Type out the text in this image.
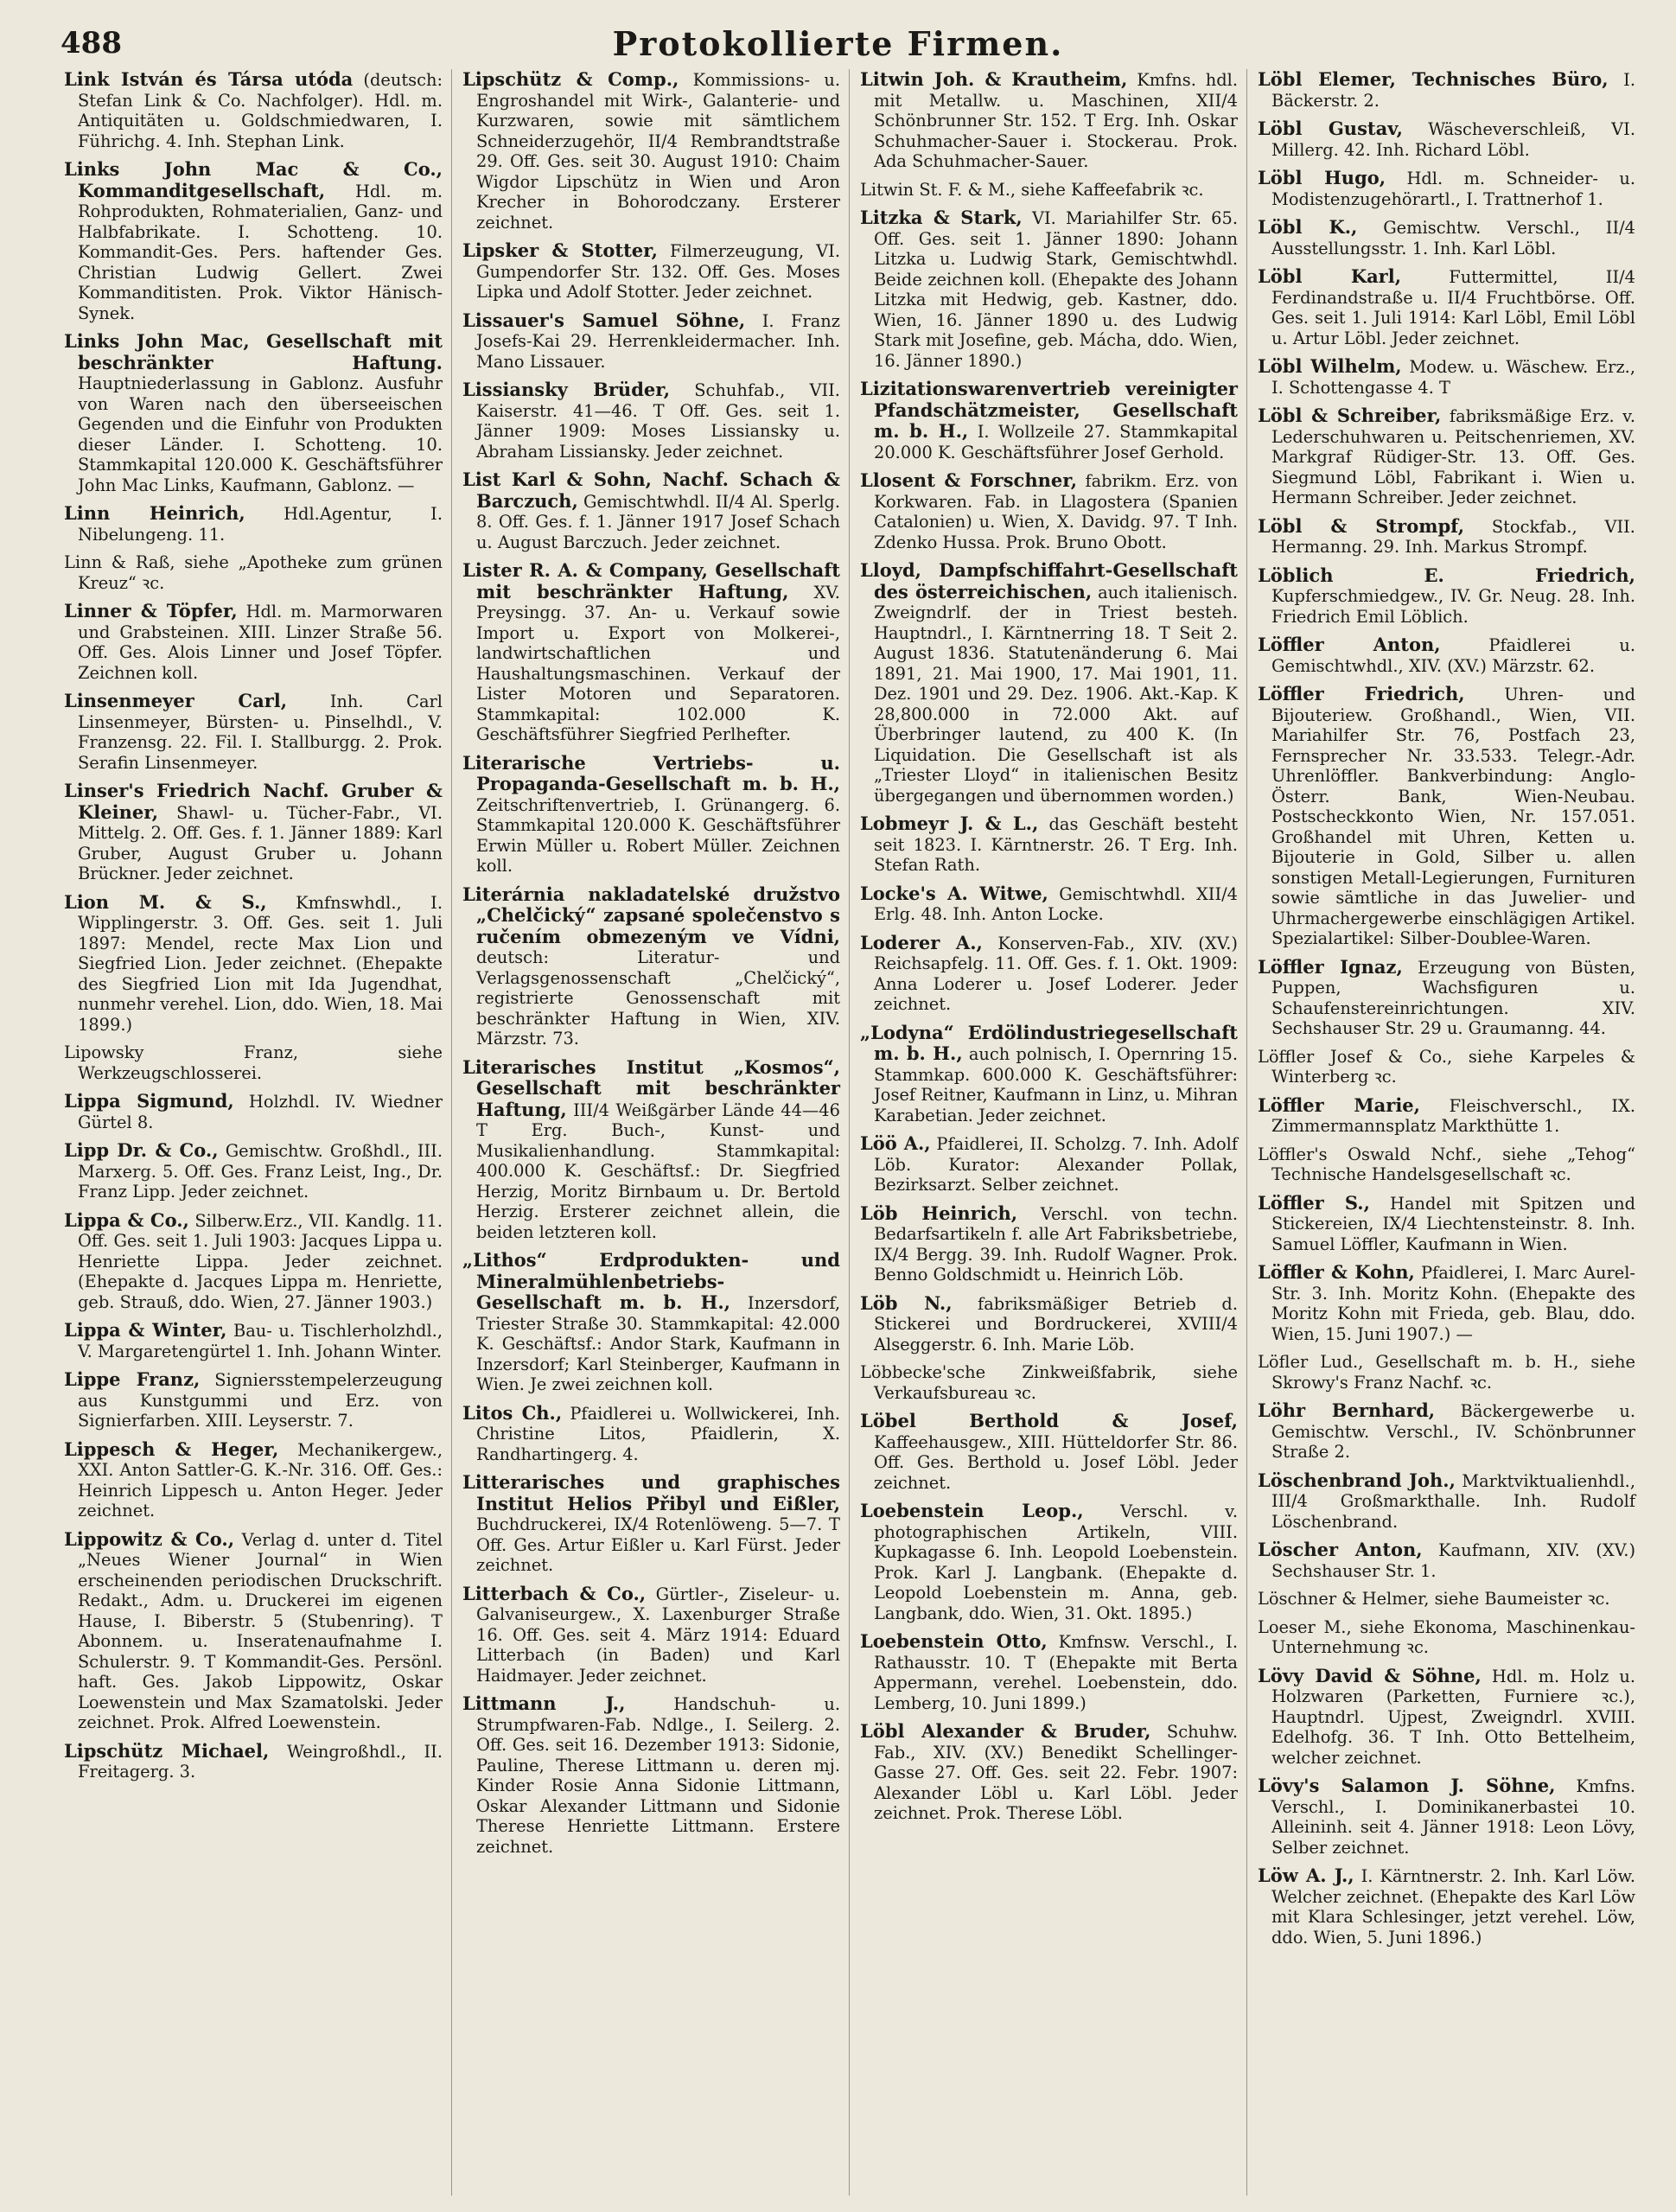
488	Protokollierte Firmen.

Link István és Társa utóda (deutsch: Stefan Link & Co. Nachfolger). Hdl. m. Antiquitäten u. Goldschmiedwaren, I. Führichg. 4. Inh. Stephan Link.

Links John Mac & Co., Kommanditgesellschaft, Hdl. m. Rohprodukten, Rohmaterialien, Ganz- und Halbfabrikate. I. Schotteng. 10. Kommandit-Ges. Pers. haftender Ges. Christian Ludwig Gellert. Zwei Kommanditisten. Prok. Viktor Hänisch-Synek.

Links John Mac, Gesellschaft mit beschränkter Haftung. Hauptniederlassung in Gablonz. Ausfuhr von Waren nach den überseeischen Gegenden und die Einfuhr von Produkten dieser Länder. I. Schotteng. 10. Stammkapital 120.000 K. Geschäftsführer John Mac Links, Kaufmann, Gablonz. —

Linn Heinrich, Hdl.Agentur, I. Nibelungeng. 11.

Linn & Raß, siehe „Apotheke zum grünen Kreuz“ ꝛc.

Linner & Töpfer, Hdl. m. Marmorwaren und Grabsteinen. XIII. Linzer Straße 56. Off. Ges. Alois Linner und Josef Töpfer. Zeichnen koll.

Linsenmeyer Carl,	Inh. Carl Linsenmeyer, Bürsten- u. Pinselhdl., V. Franzensg. 22. Fil. I. Stallburgg. 2. Prok. Serafin Linsenmeyer.

Linser's Friedrich Nachf. Gruber & Kleiner, Shawl- u. Tücher-Fabr., VI. Mittelg. 2. Off. Ges. f. 1. Jänner 1889: Karl Gruber, August Gruber u. Johann Brückner. Jeder zeichnet.

Lion M. & S., Kmfnswhdl., I. Wipplingerstr. 3. Off. Ges. seit 1. Juli 1897: Mendel, recte Max Lion und Siegfried Lion. Jeder zeichnet. (Ehepakte des Siegfried Lion mit Ida Jugendhat, nunmehr verehel. Lion, ddo. Wien, 18. Mai 1899.)

Lipowsky Franz, siehe Werkzeugschlosserei.

Lippa Sigmund, Holzhdl. IV. Wiedner Gürtel 8.

Lipp Dr. & Co., Gemischtw. Großhdl., III. Marxerg. 5. Off. Ges. Franz Leist, Ing., Dr. Franz Lipp. Jeder zeichnet.

Lippa & Co., Silberw.Erz., VII. Kandlg. 11. Off. Ges. seit 1. Juli 1903: Jacques Lippa u. Henriette Lippa. Jeder zeichnet. (Ehepakte d. Jacques Lippa m. Henriette, geb. Strauß, ddo. Wien, 27. Jänner 1903.)

Lippa & Winter, Bau- u. Tischlerholzhdl., V. Margaretengürtel 1. Inh. Johann Winter.

Lippe Franz, Signiersstempelerzeugung aus Kunstgummi und Erz. von Signierfarben. XIII. Leyserstr. 7.

Lippesch & Heger, Mechanikergew., XXI. Anton Sattler-G. K.-Nr. 316. Off. Ges.: Heinrich Lippesch u. Anton Heger. Jeder zeichnet.

Lippowitz & Co., Verlag d. unter d. Titel „Neues Wiener Journal“ in Wien erscheinenden periodischen Druckschrift. Redakt., Adm. u. Druckerei im eigenen Hause, I. Biberstr. 5 (Stubenring). T Abonnem. u. Inseratenaufnahme I. Schulerstr. 9. T Kommandit-Ges. Persönl. haft. Ges. Jakob Lippowitz, Oskar Loewenstein und Max Szamatolski. Jeder zeichnet. Prok. Alfred Loewenstein.

Lipschütz Michael, Weingroßhdl., II. Freitagerg. 3.

Lipschütz & Comp., Kommissions- u. Engroshandel mit Wirk-, Galanterie- und Kurzwaren, sowie mit sämtlichem Schneiderzugehör, II/4 Rembrandtstraße 29. Off. Ges. seit 30. August 1910: Chaim Wigdor Lipschütz in Wien und Aron Krecher in Bohorodczany. Ersterer zeichnet.

Lipsker & Stotter, Filmerzeugung, VI. Gumpendorfer Str. 132. Off. Ges. Moses Lipka und Adolf Stotter. Jeder zeichnet.

Lissauer's Samuel Söhne, I. Franz Josefs-Kai 29. Herrenkleidermacher. Inh. Mano Lissauer.

Lissiansky Brüder, Schuhfab., VII. Kaiserstr. 41—46. T Off. Ges. seit 1. Jänner 1909: Moses Lissiansky u. Abraham Lissiansky. Jeder zeichnet.

List Karl & Sohn, Nachf. Schach & Barczuch, Gemischtwhdl. II/4 Al. Sperlg. 8. Off. Ges. f. 1. Jänner 1917 Josef Schach u. August Barczuch. Jeder zeichnet.

Lister R. A. & Company, Gesellschaft mit beschränkter Haftung, XV. Preysingg. 37. An- u. Verkauf sowie Import u. Export von Molkerei-, landwirtschaftlichen und Haushaltungsmaschinen. Verkauf der Lister Motoren und Separatoren. Stammkapital: 102.000 K. Geschäftsführer Siegfried Perlhefter.

Literarische Vertriebs- u. Propaganda-Gesellschaft m. b. H., Zeitschriftenvertrieb, I. Grünangerg. 6. Stammkapital 120.000 K. Geschäftsführer Erwin Müller u. Robert Müller. Zeichnen koll.

Literárnia nakladatelské družstvo „Chelčický“ zapsané společenstvo s ručením obmezeným ve Vídni, deutsch: Literatur- und Verlagsgenossenschaft „Chelčický“, registrierte Genossenschaft mit beschränkter Haftung in Wien, XIV. Märzstr. 73.

Literarisches Institut „Kosmos“, Gesellschaft mit beschränkter Haftung, III/4 Weißgärber Lände 44—46 T Erg. Buch-, Kunst- und Musikalienhandlung. Stammkapital: 400.000 K. Geschäftsf.: Dr. Siegfried Herzig, Moritz Birnbaum u. Dr. Bertold Herzig. Ersterer zeichnet allein, die beiden letzteren koll.

„Lithos“ Erdprodukten- und Mineralmühlenbetriebs-Gesellschaft m. b. H., Inzersdorf, Triester Straße 30. Stammkapital: 42.000 K. Geschäftsf.: Andor Stark, Kaufmann in Inzersdorf; Karl Steinberger, Kaufmann in Wien. Je zwei zeichnen koll.

Litos Ch., Pfaidlerei u. Wollwickerei, Inh. Christine Litos, Pfaidlerin, X. Randhartingerg. 4.

Litterarisches und graphisches Institut Helios Přibyl und Eißler, Buchdruckerei, IX/4 Rotenlöweng. 5—7. T Off. Ges. Artur Eißler u. Karl Fürst. Jeder zeichnet.

Litterbach & Co., Gürtler-, Ziseleur- u. Galvaniseurgew., X. Laxenburger Straße 16. Off. Ges. seit 4. März 1914: Eduard Litterbach (in Baden) und Karl Haidmayer. Jeder zeichnet.

Littmann J.,	Handschuh- u. Strumpfwaren-Fab. Ndlge., I. Seilerg. 2. Off. Ges. seit 16. Dezember 1913: Sidonie, Pauline, Therese Littmann u. deren mj. Kinder Rosie Anna Sidonie Littmann, Oskar Alexander Littmann und Sidonie Therese Henriette Littmann. Erstere zeichnet.

Litwin Joh. & Krautheim, Kmfns. hdl. mit Metallw. u. Maschinen, XII/4 Schönbrunner Str. 152. T Erg. Inh. Oskar Schuhmacher-Sauer i. Stockerau. Prok. Ada Schuhmacher-Sauer.

Litwin St. F. & M., siehe Kaffeefabrik ꝛc.

Litzka & Stark, VI. Mariahilfer Str. 65. Off. Ges. seit 1. Jänner 1890: Johann Litzka u. Ludwig Stark, Gemischtwhdl. Beide zeichnen koll. (Ehepakte des Johann Litzka mit Hedwig, geb. Kastner, ddo. Wien, 16. Jänner 1890 u. des Ludwig Stark mit Josefine, geb. Mácha, ddo. Wien, 16. Jänner 1890.)

Lizitationswarenvertrieb vereinigter Pfandschätzmeister, Gesellschaft m. b. H., I. Wollzeile 27. Stammkapital 20.000 K. Geschäftsführer Josef Gerhold.

Llosent & Forschner, fabrikm. Erz. von Korkwaren. Fab. in Llagostera (Spanien Catalonien) u. Wien, X. Davidg. 97. T Inh. Zdenko Hussa. Prok. Bruno Obott.

Lloyd, Dampfschiffahrt-Gesellschaft des österreichischen, auch italienisch. Zweigndrlf. der in Triest besteh. Hauptndrl., I. Kärntnerring 18. T Seit 2. August 1836. Statutenänderung 6. Mai 1891, 21. Mai 1900, 17. Mai 1901, 11. Dez. 1901 und 29. Dez. 1906. Akt.-Kap. K 28,800.000 in 72.000 Akt. auf Überbringer lautend, zu 400 K. (In Liquidation. Die Gesellschaft ist als „Triester Lloyd“ in italienischen Besitz übergegangen und übernommen worden.)

Lobmeyr J. & L., das Geschäft besteht seit 1823. I. Kärntnerstr. 26. T Erg. Inh. Stefan Rath.

Locke's A. Witwe, Gemischtwhdl. XII/4 Erlg. 48. Inh. Anton Locke.

Loderer A., Konserven-Fab., XIV. (XV.) Reichsapfelg. 11. Off. Ges. f. 1. Okt. 1909: Anna Loderer u. Josef Loderer. Jeder zeichnet.

„Lodyna“ Erdölindustriegesellschaft m. b. H., auch polnisch, I. Opernring 15. Stammkap. 600.000 K. Geschäftsführer: Josef Reitner, Kaufmann in Linz, u. Mihran Karabetian. Jeder zeichnet.

Löö A., Pfaidlerei, II. Scholzg. 7. Inh. Adolf Löb. Kurator: Alexander Pollak, Bezirksarzt. Selber zeichnet.

Löb Heinrich, Verschl. von techn. Bedarfsartikeln f. alle Art Fabriksbetriebe, IX/4 Bergg. 39. Inh. Rudolf Wagner. Prok. Benno Goldschmidt u. Heinrich Löb.

Löb N., fabriksmäßiger Betrieb d. Stickerei und Bordruckerei, XVIII/4 Alseggerstr. 6. Inh. Marie Löb.

Löbbecke'sche Zinkweißfabrik, siehe Verkaufsbureau ꝛc.

Löbel Berthold & Josef, Kaffeehausgew., XIII. Hütteldorfer Str. 86. Off. Ges. Berthold u. Josef Löbl. Jeder zeichnet.

Loebenstein Leop., Verschl. v. photographischen Artikeln, VIII. Kupkagasse 6. Inh. Leopold Loebenstein. Prok. Karl J. Langbank. (Ehepakte d. Leopold Loebenstein m. Anna, geb. Langbank, ddo. Wien, 31. Okt. 1895.)

Loebenstein Otto, Kmfnsw. Verschl., I. Rathausstr. 10. T (Ehepakte mit Berta Appermann, verehel. Loebenstein, ddo. Lemberg, 10. Juni 1899.)

Löbl Alexander & Bruder, Schuhw. Fab., XIV. (XV.) Benedikt Schellinger-Gasse 27. Off. Ges. seit 22. Febr. 1907: Alexander Löbl u. Karl Löbl. Jeder zeichnet. Prok. Therese Löbl.

Löbl Elemer, Technisches Büro, I. Bäckerstr. 2.

Löbl Gustav, Wäscheverschleiß, VI. Millerg. 42. Inh. Richard Löbl.

Löbl Hugo, Hdl. m. Schneider- u. Modistenzugehörartl., I. Trattnerhof 1.

Löbl K., Gemischtw. Verschl., II/4 Ausstellungsstr. 1. Inh. Karl Löbl.

Löbl Karl,	Futtermittel, II/4 Ferdinandstraße u. II/4 Fruchtbörse. Off. Ges. seit 1. Juli 1914: Karl Löbl, Emil Löbl u. Artur Löbl. Jeder zeichnet.

Löbl Wilhelm, Modew. u. Wäschew. Erz., I. Schottengasse 4. T

Löbl & Schreiber, fabriksmäßige Erz. v. Lederschuhwaren u. Peitschenriemen, XV. Markgraf Rüdiger-Str. 13. Off. Ges. Siegmund Löbl, Fabrikant i. Wien u. Hermann Schreiber. Jeder zeichnet.

Löbl & Strompf, Stockfab., VII. Hermanng. 29. Inh. Markus Strompf.

Löblich E. Friedrich, Kupferschmiedgew., IV. Gr. Neug. 28. Inh. Friedrich Emil Löblich.

Löffler Anton,	Pfaidlerei u. Gemischtwhdl., XIV. (XV.) Märzstr. 62.

Löffler Friedrich, Uhren- und Bijouteriew. Großhandl., Wien, VII. Mariahilfer Str. 76, Postfach 23, Fernsprecher Nr. 33.533. Telegr.-Adr. Uhrenlöffler. Bankverbindung: Anglo-Österr. Bank, Wien-Neubau. Postscheckkonto Wien, Nr. 157.051. Großhandel mit Uhren, Ketten u. Bijouterie in Gold, Silber u. allen sonstigen Metall-Legierungen, Furnituren sowie sämtliche in das Juwelier- und Uhrmachergewerbe einschlägigen Artikel. Spezialartikel: Silber-Doublee-Waren.

Löffler Ignaz, Erzeugung von Büsten, Puppen, Wachsfiguren u. Schaufenstereinrichtungen. XIV. Sechshauser Str. 29 u. Graumanng. 44.

Löffler Josef & Co., siehe Karpeles & Winterberg ꝛc.

Löffler Marie, Fleischverschl., IX. Zimmermannsplatz Markthütte 1.

Löffler's Oswald Nchf., siehe „Tehog“ Technische Handelsgesellschaft ꝛc.

Löffler S., Handel mit Spitzen und Stickereien, IX/4 Liechtensteinstr. 8. Inh. Samuel Löffler, Kaufmann in Wien.

Löffler & Kohn, Pfaidlerei, I. Marc Aurel-Str. 3. Inh. Moritz Kohn. (Ehepakte des Moritz Kohn mit Frieda, geb. Blau, ddo. Wien, 15. Juni 1907.) —

Löfler Lud., Gesellschaft m. b. H., siehe Skrowy's Franz Nachf. ꝛc.

Löhr Bernhard, Bäckergewerbe u. Gemischtw. Verschl., IV. Schönbrunner Straße 2.

Löschenbrand Joh., Marktviktualienhdl., III/4 Großmarkthalle. Inh. Rudolf Löschenbrand.

Löscher Anton, Kaufmann, XIV. (XV.) Sechshauser Str. 1.

Löschner & Helmer, siehe Baumeister ꝛc.

Loeser M., siehe Ekonoma, Maschinenkau-Unternehmung ꝛc.

Lövy David & Söhne, Hdl. m. Holz u. Holzwaren (Parketten, Furniere ꝛc.), Hauptndrl. Ujpest, Zweigndrl. XVIII. Edelhofg. 36. T Inh. Otto Bettelheim, welcher zeichnet.

Lövy's Salamon J. Söhne, Kmfns. Verschl., I. Dominikanerbastei 10. Alleininh. seit 4. Jänner 1918: Leon Lövy, Selber zeichnet.

Löw A. J., I. Kärntnerstr. 2. Inh. Karl Löw. Welcher zeichnet. (Ehepakte des Karl Löw mit Klara Schlesinger, jetzt verehel. Löw, ddo. Wien, 5. Juni 1896.)
